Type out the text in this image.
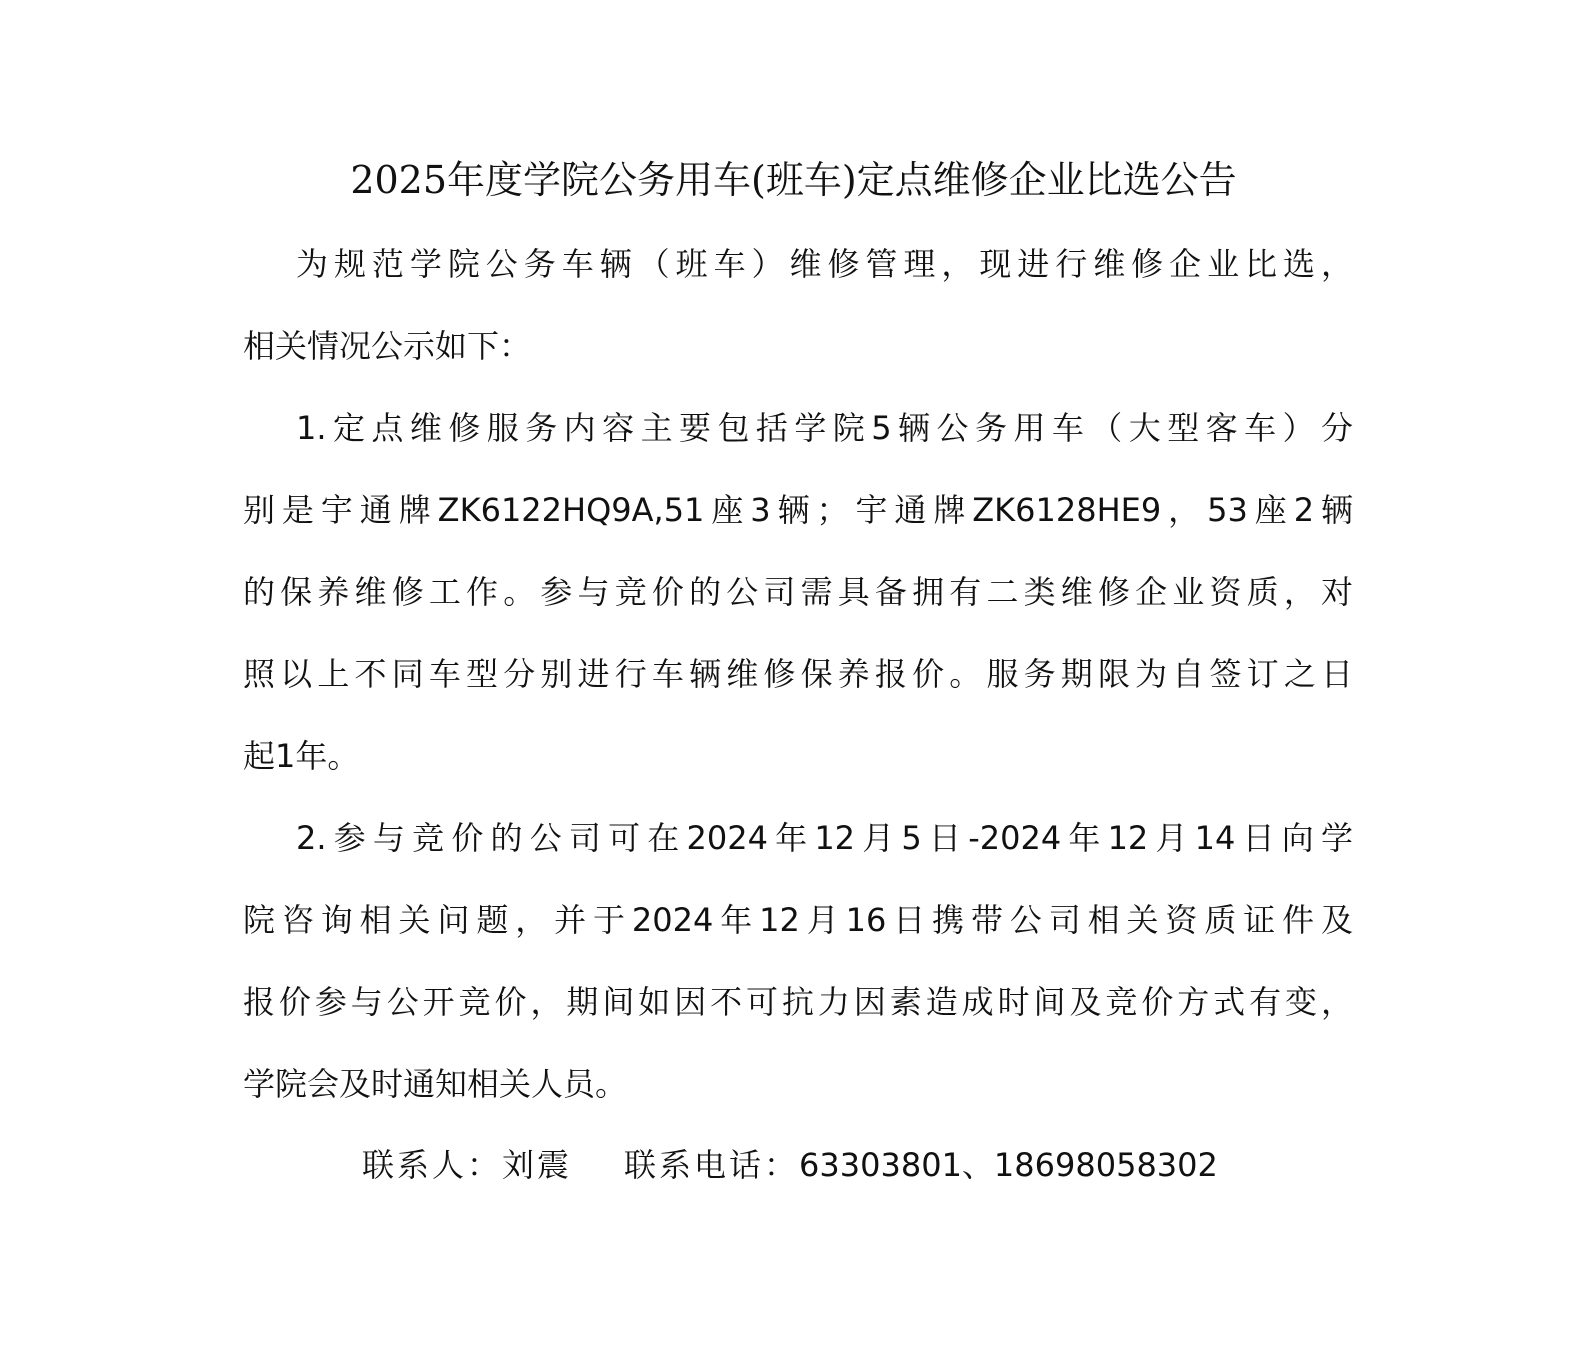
2025年度学院公务用车(班车)定点维修企业比选公告

为规范学院公务车辆（班车）维修管理，现进行维修企业比选，

相关情况公示如下：

1.定点维修服务内容主要包括学院5辆公务用车（大型客车）分

别是宇通牌ZK6122HQ9A,51座3辆；宇通牌ZK6128HE9，53座2辆

的保养维修工作。参与竞价的公司需具备拥有二类维修企业资质，对

照以上不同车型分别进行车辆维修保养报价。服务期限为自签订之日

起1年。

2.参与竞价的公司可在2024年12月5日-2024年12月14日向学

院咨询相关问题，并于2024年12月16日携带公司相关资质证件及

报价参与公开竞价，期间如因不可抗力因素造成时间及竞价方式有变，

学院会及时通知相关人员。

联系人：刘震 联系电话：63303801、18698058302
